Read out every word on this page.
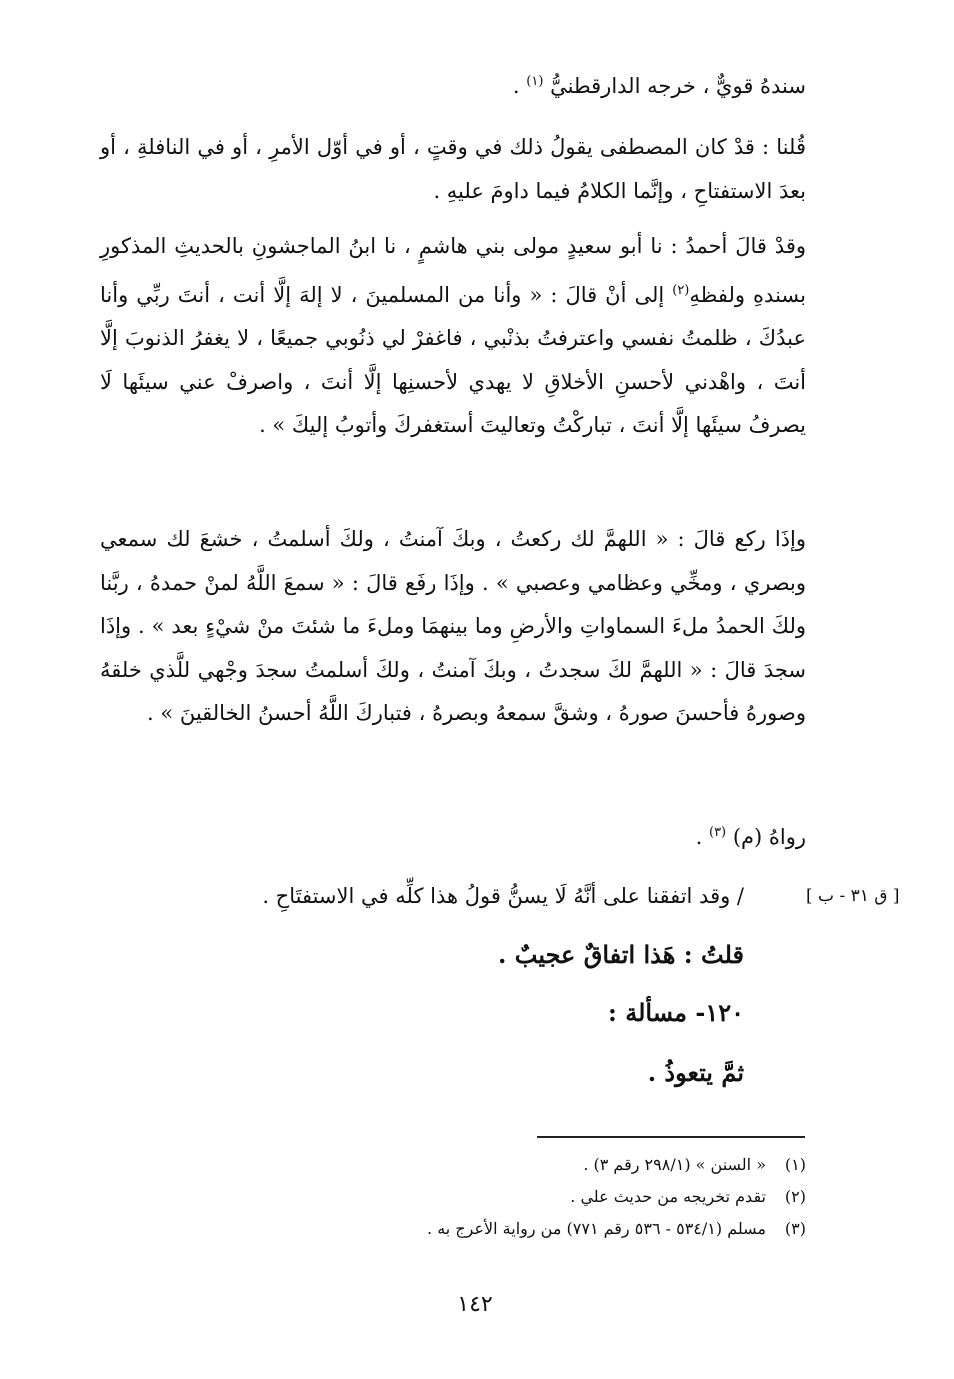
سندهُ قويٌّ ، خرجه الدارقطنيُّ $^{(١)}$ .
قُلنا : قدْ كان المصطفى يقولُ ذلك في وقتٍ ، أو في أوّل الأمرِ ، أو في النافلةِ ، أو بعدَ الاستفتاحِ ، وإنَّما الكلامُ فيما داومَ عليهِ .
وقدْ قالَ أحمدُ : نا أبو سعيدٍ مولى بني هاشمٍ ، نا ابنُ الماجشونِ بالحديثِ المذكورِ بسندهِ ولفظهِ$^{(٢)}$ إلى أنْ قالَ : « وأنا من المسلمينَ ، لا إلهَ إلَّا أنت ، أنتَ ربِّي وأنا عبدُكَ ، ظلمتُ نفسي واعترفتُ بذنْبي ، فاغفرْ لي ذنُوبي جميعًا ، لا يغفرُ الذنوبَ إلَّا أنتَ ، واهْدني لأحسنِ الأخلاقِ لا يهدي لأحسنِها إلَّا أنتَ ، واصرفْ عني سيئَها لَا يصرفُ سيئَها إلَّا أنتَ ، تباركْتُ وتعاليتَ أستغفركَ وأتوبُ إليكَ » .
وإذَا ركع قالَ : « اللهمَّ لك ركعتُ ، وبكَ آمنتُ ، ولكَ أسلمتُ ، خشعَ لك سمعي وبصري ، ومخِّي وعظامي وعصبي » . وإذَا رفَع قالَ : « سمعَ اللَّهُ لمنْ حمدهُ ، ربَّنا ولكَ الحمدُ ملءَ السماواتِ والأرضِ وما بينهمَا وملءَ ما شئتَ منْ شيْءٍ بعد » . وإذَا سجدَ قالَ : « اللهمَّ لكَ سجدتُ ، وبكَ آمنتُ ، ولكَ أسلمتُ سجدَ وجْهي للَّذي خلقهُ وصورهُ فأحسنَ صورهُ ، وشقَّ سمعهُ وبصرهُ ، فتباركَ اللَّهُ أحسنُ الخالقينَ » .
رواهُ (م) $^{(٣)}$ .
[ ق ٣١ - ب ]
/ وقد اتفقنا على أنَّهُ لَا يسنُّ قولُ هذا كلِّه في الاستفتَاحِ .
قلتُ : هَذا اتفاقٌ عجيبٌ .
١٢٠- مسألة :
ثمَّ يتعوذُ .
(١)« السنن » (٢٩٨/١ رقم ٣) .
(٢)تقدم تخريجه من حديث علي .
(٣)مسلم (٥٣٤/١ - ٥٣٦ رقم ٧٧١) من رواية الأعرج به .
١٤٢
